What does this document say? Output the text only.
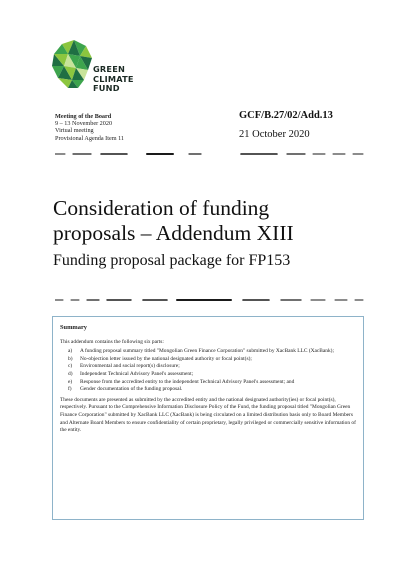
GREEN
CLIMATE
FUND
Meeting of the Board
9 – 13 November 2020
Virtual meeting
Provisional Agenda Item 11
GCF/B.27/02/Add.13
21 October 2020
Consideration of funding
proposals – Addendum XIII
Funding proposal package for FP153
Summary
This addendum contains the following six parts:
a) A funding proposal summary titled "Mongolian Green Finance Corporation" submitted by XacBank LLC (XacBank);
b) No-objection letter issued by the national designated authority or focal point(s);
c) Environmental and social report(s) disclosure;
d) Independent Technical Advisory Panel's assessment;
e) Response from the accredited entity to the independent Technical Advisory Panel's assessment; and
f) Gender documentation of the funding proposal.
These documents are presented as submitted by the accredited entity and the national designated authority(ies) or focal point(s), respectively. Pursuant to the Comprehensive Information Disclosure Policy of the Fund, the funding proposal titled "Mongolian Green Finance Corporation" submitted by XacBank LLC (XacBank) is being circulated on a limited distribution basis only to Board Members and Alternate Board Members to ensure confidentiality of certain proprietary, legally privileged or commercially sensitive information of the entity.
